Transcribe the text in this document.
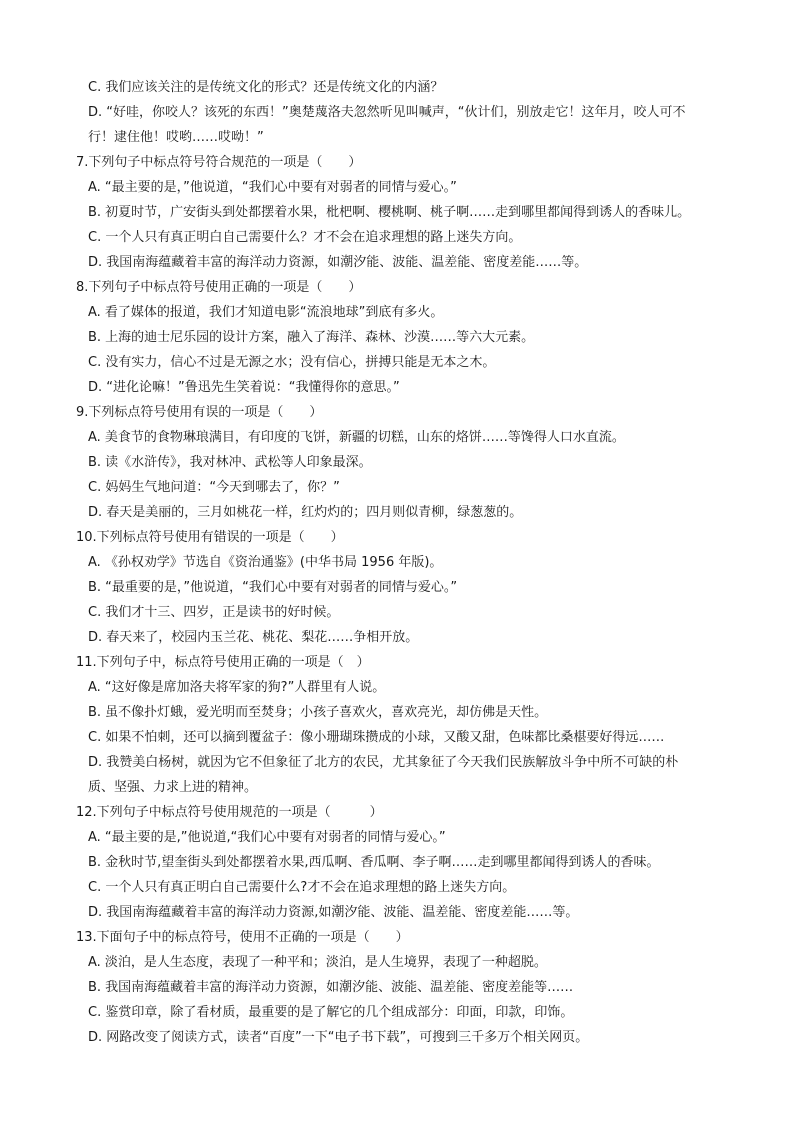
C. 我们应该关注的是传统文化的形式？还是传统文化的内涵？
D. “好哇，你咬人？该死的东西！”奥楚蔑洛夫忽然听见叫喊声，“伙计们，别放走它！这年月，咬人可不
行！逮住他！哎哟……哎呦！”
7.下列句子中标点符号符合规范的一项是（　　）
A. “最主要的是，”他说道，“我们心中要有对弱者的同情与爱心。”
B. 初夏时节，广安街头到处都摆着水果，枇杷啊、樱桃啊、桃子啊……走到哪里都闻得到诱人的香味儿。
C. 一个人只有真正明白自己需要什么？才不会在追求理想的路上迷失方向。
D. 我国南海蕴藏着丰富的海洋动力资源，如潮汐能、波能、温差能、密度差能……等。
8.下列句子中标点符号使用正确的一项是（　　）
A. 看了媒体的报道，我们才知道电影“流浪地球”到底有多火。
B. 上海的迪士尼乐园的设计方案，融入了海洋、森林、沙漠……等六大元素。
C. 没有实力，信心不过是无源之水；没有信心，拼搏只能是无本之木。
D. “进化论嘛！”鲁迅先生笑着说：“我懂得你的意思。”
9.下列标点符号使用有误的一项是（　　）
A. 美食节的食物琳琅满目，有印度的飞饼，新疆的切糕，山东的烙饼……等馋得人口水直流。
B. 读《水浒传》，我对林冲、武松等人印象最深。
C. 妈妈生气地问道：“今天到哪去了，你？”
D. 春天是美丽的，三月如桃花一样，红灼灼的；四月则似青柳，绿葱葱的。
10.下列标点符号使用有错误的一项是（　　）
A. 《孙权劝学》节选自《资治通鉴》(中华书局 1956 年版)。
B. “最重要的是，”他说道，“我们心中要有对弱者的同情与爱心。”
C. 我们才十三、四岁，正是读书的好时候。
D. 春天来了，校园内玉兰花、桃花、梨花……争相开放。
11.下列句子中，标点符号使用正确的一项是（　）
A. “这好像是席加洛夫将军家的狗?”人群里有人说。
B. 虽不像扑灯蛾，爱光明而至焚身；小孩子喜欢火，喜欢亮光，却仿佛是天性。
C. 如果不怕刺，还可以摘到覆盆子：像小珊瑚珠攒成的小球，又酸又甜，色味都比桑椹要好得远……
D. 我赞美白杨树，就因为它不但象征了北方的农民，尤其象征了今天我们民族解放斗争中所不可缺的朴
质、坚强、力求上进的精神。
12.下列句子中标点符号使用规范的一项是（　　　）
A. “最主要的是,”他说道,“我们心中要有对弱者的同情与爱心。”
B. 金秋时节,望奎街头到处都摆着水果,西瓜啊、香瓜啊、李子啊……走到哪里都闻得到诱人的香味。
C. 一个人只有真正明白自己需要什么?才不会在追求理想的路上迷失方向。
D. 我国南海蕴藏着丰富的海洋动力资源,如潮汐能、波能、温差能、密度差能……等。
13.下面句子中的标点符号，使用不正确的一项是（　　）
A. 淡泊，是人生态度，表现了一种平和；淡泊，是人生境界，表现了一种超脱。
B. 我国南海蕴藏着丰富的海洋动力资源，如潮汐能、波能、温差能、密度差能等……
C. 鉴赏印章，除了看材质，最重要的是了解它的几个组成部分：印面，印款，印饰。
D. 网路改变了阅读方式，读者“百度”一下“电子书下载”，可搜到三千多万个相关网页。
